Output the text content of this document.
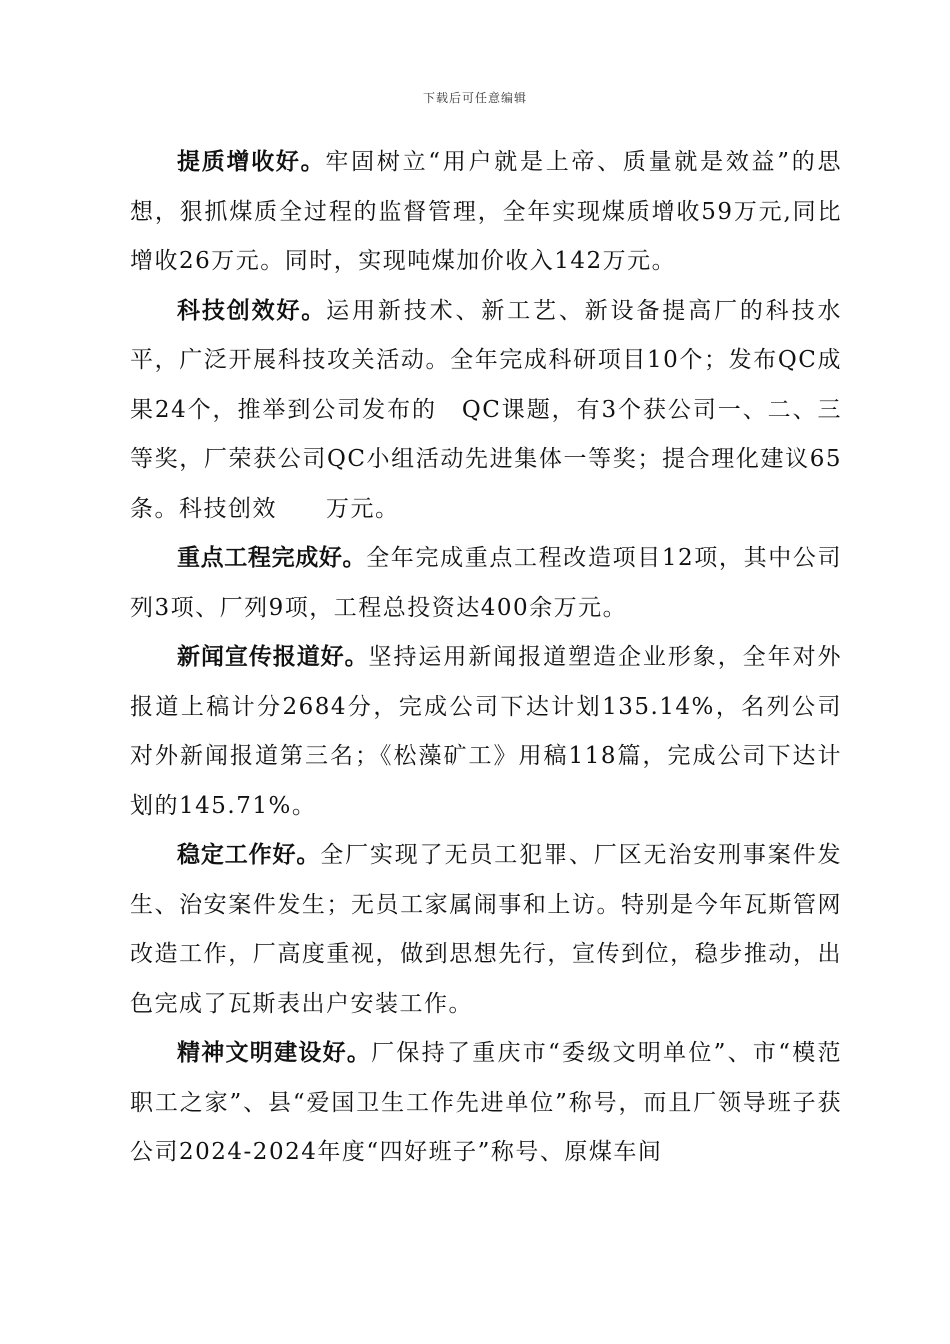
下载后可任意编辑

提质增收好。牢固树立“用户就是上帝、质量就是效益”的思想，狠抓煤质全过程的监督管理，全年实现煤质增收59万元,同比增收26万元。同时，实现吨煤加价收入142万元。

科技创效好。运用新技术、新工艺、新设备提高厂的科技水平，广泛开展科技攻关活动。全年完成科研项目10个；发布QC成果24个，推举到公司发布的　QC课题，有3个获公司一、二、三等奖，厂荣获公司QC小组活动先进集体一等奖；提合理化建议65条。科技创效　　万元。

重点工程完成好。全年完成重点工程改造项目12项，其中公司列3项、厂列9项，工程总投资达400余万元。

新闻宣传报道好。坚持运用新闻报道塑造企业形象，全年对外报道上稿计分2684分，完成公司下达计划135.14%，名列公司对外新闻报道第三名；《松藻矿工》用稿118篇，完成公司下达计划的145.71%。

稳定工作好。全厂实现了无员工犯罪、厂区无治安刑事案件发生、治安案件发生；无员工家属闹事和上访。特别是今年瓦斯管网改造工作，厂高度重视，做到思想先行，宣传到位，稳步推动，出色完成了瓦斯表出户安装工作。

精神文明建设好。厂保持了重庆市“委级文明单位”、市“模范职工之家”、县“爱国卫生工作先进单位”称号，而且厂领导班子获公司2024-2024年度“四好班子”称号、原煤车间
